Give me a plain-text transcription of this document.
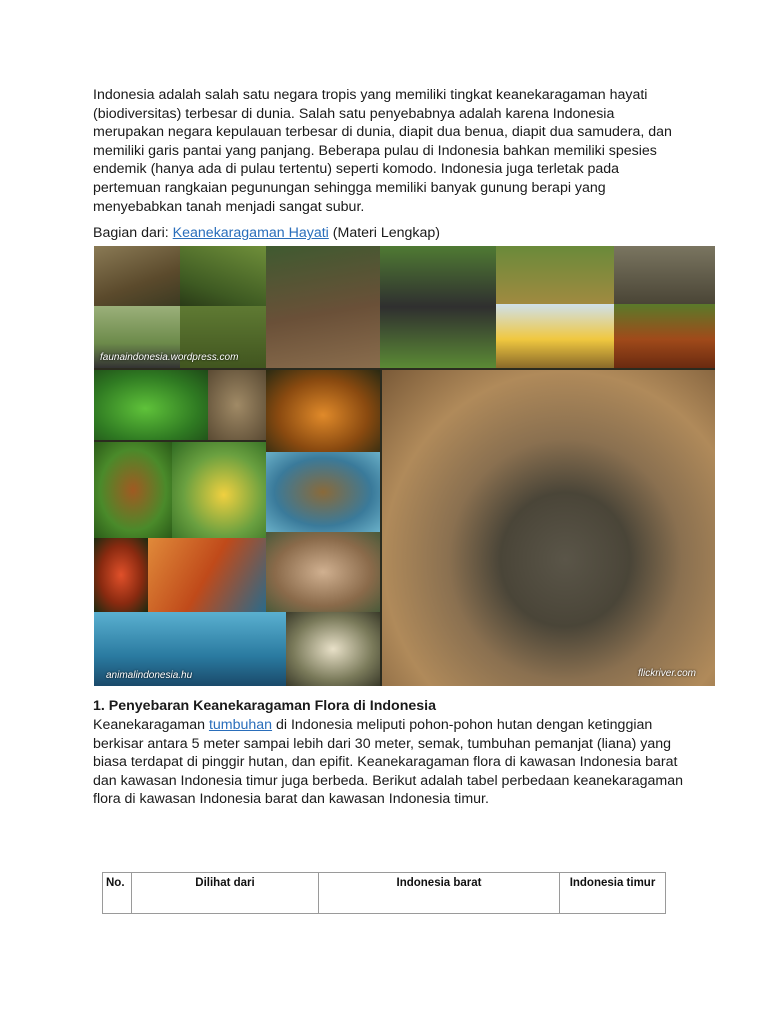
Indonesia adalah salah satu negara tropis yang memiliki tingkat keanekaragaman hayati (biodiversitas) terbesar di dunia. Salah satu penyebabnya adalah karena Indonesia merupakan negara kepulauan terbesar di dunia, diapit dua benua, diapit dua samudera, dan memiliki garis pantai yang panjang. Beberapa pulau di Indonesia bahkan memiliki spesies endemik (hanya ada di pulau tertentu) seperti komodo. Indonesia juga terletak pada pertemuan rangkaian pegunungan sehingga memiliki banyak gunung berapi yang menyebabkan tanah menjadi sangat subur.

Bagian dari: Keanekaragaman Hayati (Materi Lengkap)

faunaindonesia.wordpress.com
animalindonesia.hu	flickriver.com
1. Penyebaran Keanekaragaman Flora di Indonesia

Keanekaragaman tumbuhan di Indonesia meliputi pohon-pohon hutan dengan ketinggian berkisar antara 5 meter sampai lebih dari 30 meter, semak, tumbuhan pemanjat (liana) yang biasa terdapat di pinggir hutan, dan epifit. Keanekaragaman flora di kawasan Indonesia barat dan kawasan Indonesia timur juga berbeda. Berikut adalah tabel perbedaan keanekaragaman flora di kawasan Indonesia barat dan kawasan Indonesia timur.

No.	Dilihat dari	Indonesia barat	Indonesia timur
